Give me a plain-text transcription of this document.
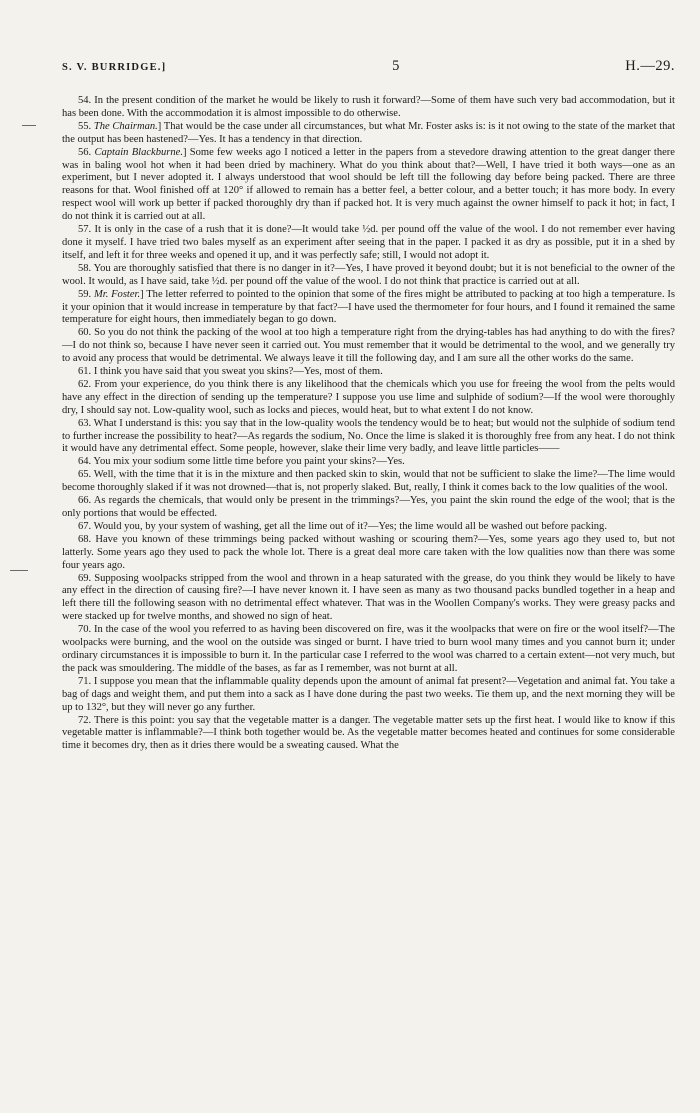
S. V. BURRIDGE.]	5	H.—29.

54. In the present condition of the market he would be likely to rush it forward?—Some of them have such very bad accommodation, but it has been done. With the accommodation it is almost impossible to do otherwise.

55. The Chairman.] That would be the case under all circumstances, but what Mr. Foster asks is: is it not owing to the state of the market that the output has been hastened?—Yes. It has a tendency in that direction.

56. Captain Blackburne.] Some few weeks ago I noticed a letter in the papers from a stevedore drawing attention to the great danger there was in baling wool hot when it had been dried by machinery. What do you think about that?—Well, I have tried it both ways—one as an experiment, but I never adopted it. I always understood that wool should be left till the following day before being packed. There are three reasons for that. Wool finished off at 120° if allowed to remain has a better feel, a better colour, and a better touch; it has more body. In every respect wool will work up better if packed thoroughly dry than if packed hot. It is very much against the owner himself to pack it hot; in fact, I do not think it is carried out at all.

57. It is only in the case of a rush that it is done?—It would take ½d. per pound off the value of the wool. I do not remember ever having done it myself. I have tried two bales myself as an experiment after seeing that in the paper. I packed it as dry as possible, put it in a shed by itself, and left it for three weeks and opened it up, and it was perfectly safe; still, I would not adopt it.

58. You are thoroughly satisfied that there is no danger in it?—Yes, I have proved it beyond doubt; but it is not beneficial to the owner of the wool. It would, as I have said, take ½d. per pound off the value of the wool. I do not think that practice is carried out at all.

59. Mr. Foster.] The letter referred to pointed to the opinion that some of the fires might be attributed to packing at too high a temperature. Is it your opinion that it would increase in temperature by that fact?—I have used the thermometer for four hours, and I found it remained the same temperature for eight hours, then immediately began to go down.

60. So you do not think the packing of the wool at too high a temperature right from the drying-tables has had anything to do with the fires?—I do not think so, because I have never seen it carried out. You must remember that it would be detrimental to the wool, and we generally try to avoid any process that would be detrimental. We always leave it till the following day, and I am sure all the other works do the same.

61. I think you have said that you sweat you skins?—Yes, most of them.

62. From your experience, do you think there is any likelihood that the chemicals which you use for freeing the wool from the pelts would have any effect in the direction of sending up the temperature? I suppose you use lime and sulphide of sodium?—If the wool were thoroughly dry, I should say not. Low-quality wool, such as locks and pieces, would heat, but to what extent I do not know.

63. What I understand is this: you say that in the low-quality wools the tendency would be to heat; but would not the sulphide of sodium tend to further increase the possibility to heat?—As regards the sodium, No. Once the lime is slaked it is thoroughly free from any heat. I do not think it would have any detrimental effect. Some people, however, slake their lime very badly, and leave little particles——

64. You mix your sodium some little time before you paint your skins?—Yes.

65. Well, with the time that it is in the mixture and then packed skin to skin, would that not be sufficient to slake the lime?—The lime would become thoroughly slaked if it was not drowned—that is, not properly slaked. But, really, I think it comes back to the low qualities of the wool.

66. As regards the chemicals, that would only be present in the trimmings?—Yes, you paint the skin round the edge of the wool; that is the only portions that would be effected.

67. Would you, by your system of washing, get all the lime out of it?—Yes; the lime would all be washed out before packing.

68. Have you known of these trimmings being packed without washing or scouring them?—Yes, some years ago they used to, but not latterly. Some years ago they used to pack the whole lot. There is a great deal more care taken with the low qualities now than there was some four years ago.

69. Supposing woolpacks stripped from the wool and thrown in a heap saturated with the grease, do you think they would be likely to have any effect in the direction of causing fire?—I have never known it. I have seen as many as two thousand packs bundled together in a heap and left there till the following season with no detrimental effect whatever. That was in the Woollen Company's works. They were greasy packs and were stacked up for twelve months, and showed no sign of heat.

70. In the case of the wool you referred to as having been discovered on fire, was it the woolpacks that were on fire or the wool itself?—The woolpacks were burning, and the wool on the outside was singed or burnt. I have tried to burn wool many times and you cannot burn it; under ordinary circumstances it is impossible to burn it. In the particular case I referred to the wool was charred to a certain extent—not very much, but the pack was smouldering. The middle of the bases, as far as I remember, was not burnt at all.

71. I suppose you mean that the inflammable quality depends upon the amount of animal fat present?—Vegetation and animal fat. You take a bag of dags and weight them, and put them into a sack as I have done during the past two weeks. Tie them up, and the next morning they will be up to 132°, but they will never go any further.

72. There is this point: you say that the vegetable matter is a danger. The vegetable matter sets up the first heat. I would like to know if this vegetable matter is inflammable?—I think both together would be. As the vegetable matter becomes heated and continues for some considerable time it becomes dry, then as it dries there would be a sweating caused. What the
